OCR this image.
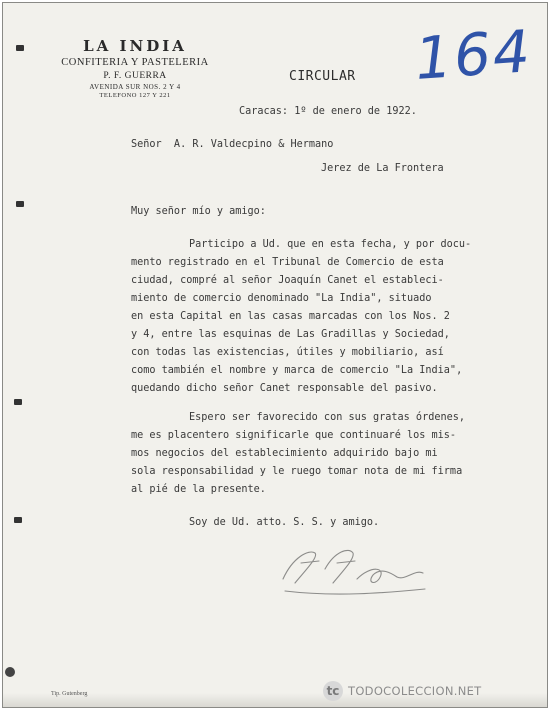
LA INDIA
CONFITERIA Y PASTELERIA
P. F. GUERRA
AVENIDA SUR NOS. 2 Y 4
TELEFONO 127 Y 221
CIRCULAR 164
Caracas: 1º de enero de 1922.
Señor  A. R. Valdecpino & Hermano
Jerez de La Frontera
Muy señor mío y amigo:
Participo a Ud. que en esta fecha, y por docu-
mento registrado en el Tribunal de Comercio de esta
ciudad, compré al señor Joaquín Canet el estableci-
miento de comercio denominado "La India", situado
en esta Capital en las casas marcadas con los Nos. 2
y 4, entre las esquinas de Las Gradillas y Sociedad,
con todas las existencias, útiles y mobiliario, así
como también el nombre y marca de comercio "La India",
quedando dicho señor Canet responsable del pasivo.
Espero ser favorecido con sus gratas órdenes,
me es placentero significarle que continuaré los mis-
mos negocios del establecimiento adquirido bajo mi
sola responsabilidad y le ruego tomar nota de mi firma
al pié de la presente.
Soy de Ud. atto. S. S. y amigo.
Tip. Gutenberg	tc TODOCOLECCION.NET
